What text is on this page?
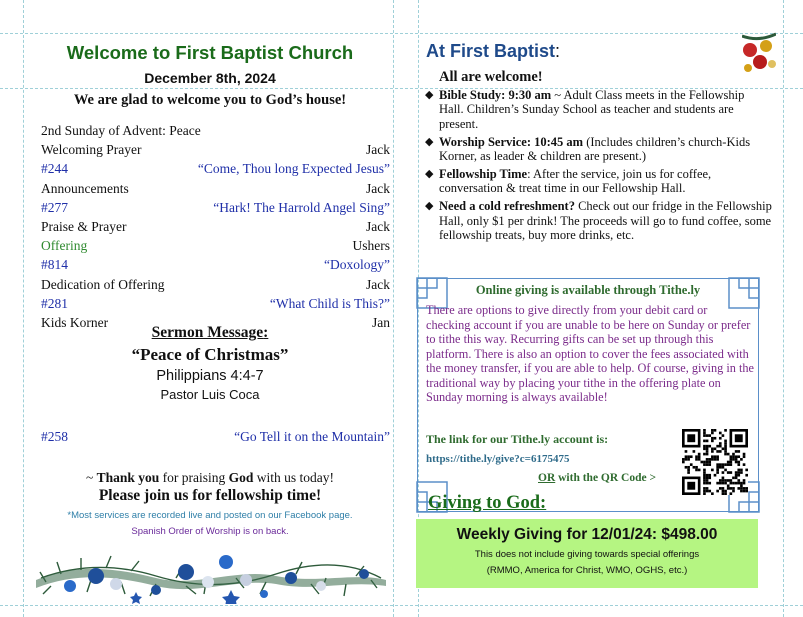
Welcome to First Baptist Church
December 8th, 2024
We are glad to welcome you to God’s house!
2nd Sunday of Advent: Peace
Welcoming Prayer	Jack
#244	“Come, Thou long Expected Jesus”
Announcements	Jack
#277	“Hark! The Harrold Angel Sing”
Praise & Prayer	Jack
Offering	Ushers
#814	“Doxology”
Dedication of Offering	Jack
#281	“What Child is This?”
Kids Korner	Jan
Sermon Message:
“Peace of Christmas”
Philippians 4:4-7
Pastor Luis Coca
#258	“Go Tell it on the Mountain”
~ Thank you for praising God with us today!
Please join us for fellowship time!
*Most services are recorded live and posted on our Facebook page.
Spanish Order of Worship is on back.
At First Baptist:
All are welcome!
◆ Bible Study: 9:30 am ~ Adult Class meets in the Fellowship Hall. Children’s Sunday School as teacher and students are present.
◆ Worship Service: 10:45 am (Includes children’s church-Kids Korner, as leader & children are present.)
◆ Fellowship Time: After the service, join us for coffee, conversation & treat time in our Fellowship Hall.
◆ Need a cold refreshment? Check out our fridge in the Fellowship Hall, only $1 per drink! The proceeds will go to fund coffee, some fellowship treats, buy more drinks, etc.
Online giving is available through Tithe.ly
There are options to give directly from your debit card or checking account if you are unable to be here on Sunday or prefer to tithe this way. Recurring gifts can be set up through this platform. There is also an option to cover the fees associated with the money transfer, if you are able to help. Of course, giving in the traditional way by placing your tithe in the offering plate on Sunday morning is always available!
The link for our Tithe.ly account is:
https://tithe.ly/give?c=6175475
OR with the QR Code >
Giving to God:
Weekly Giving for 12/01/24: $498.00
This does not include giving towards special offerings
(RMMO, America for Christ, WMO, OGHS, etc.)
